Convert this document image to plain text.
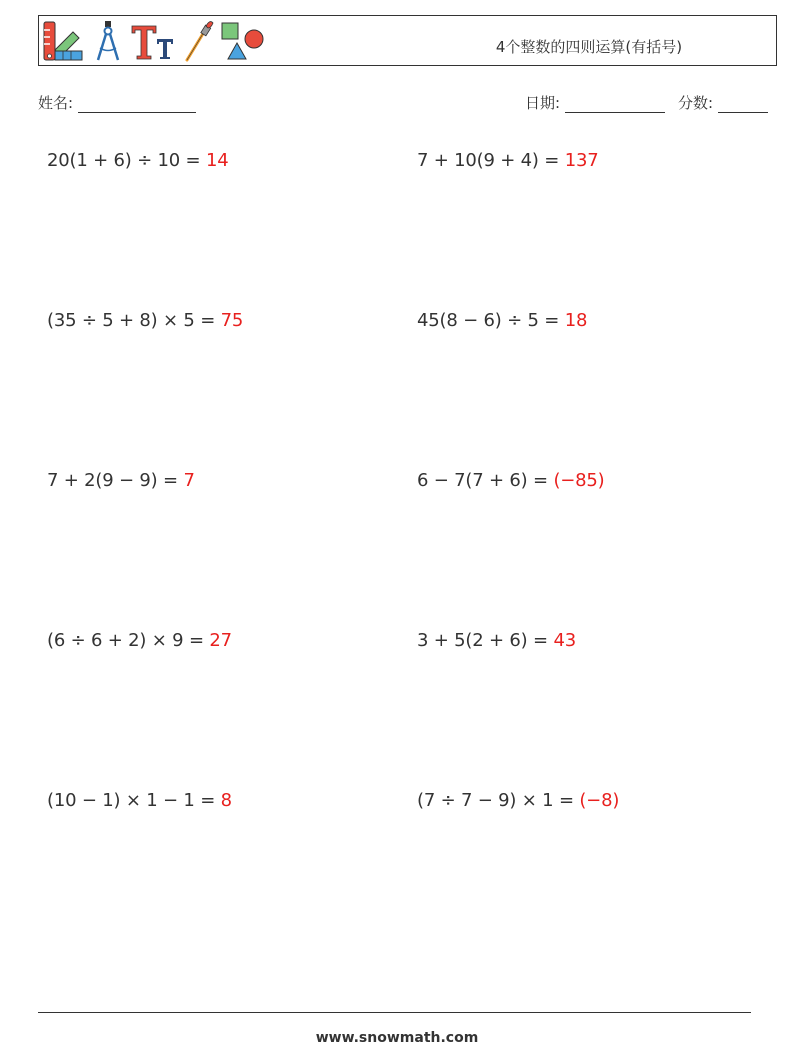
4个整数的四则运算(有括号)
姓名:	日期:	分数:
20(1 + 6) ÷ 10 = 14	7 + 10(9 + 4) = 137
(35 ÷ 5 + 8) × 5 = 75	45(8 − 6) ÷ 5 = 18
7 + 2(9 − 9) = 7	6 − 7(7 + 6) = (−85)
(6 ÷ 6 + 2) × 9 = 27	3 + 5(2 + 6) = 43
(10 − 1) × 1 − 1 = 8	(7 ÷ 7 − 9) × 1 = (−8)
www.snowmath.com
